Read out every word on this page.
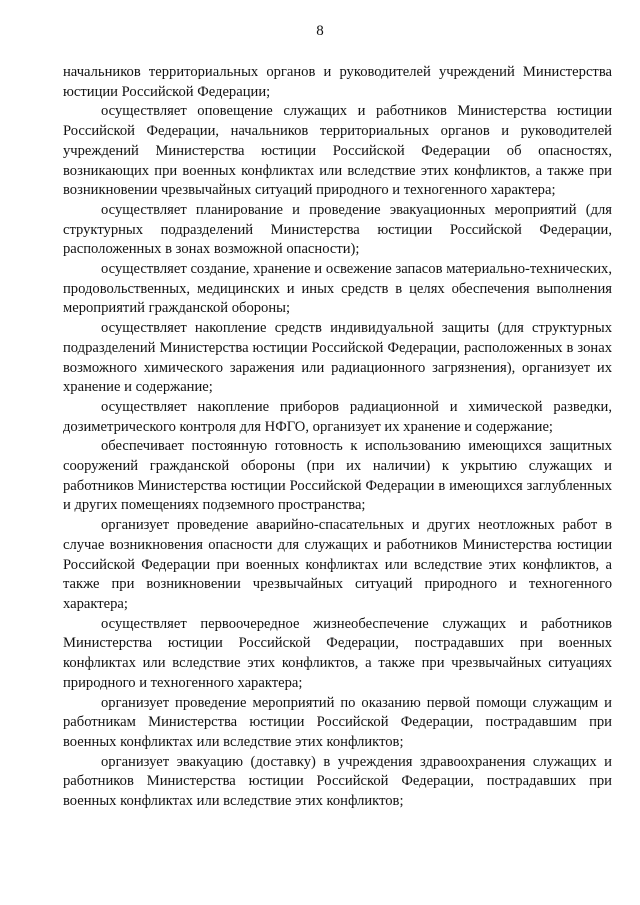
8

начальников территориальных органов и руководителей учреждений Министерства юстиции Российской Федерации;

осуществляет оповещение служащих и работников Министерства юстиции Российской Федерации, начальников территориальных органов и руководителей учреждений Министерства юстиции Российской Федерации об опасностях, возникающих при военных конфликтах или вследствие этих конфликтов, а также при возникновении чрезвычайных ситуаций природного и техногенного характера;

осуществляет планирование и проведение эвакуационных мероприятий (для структурных подразделений Министерства юстиции Российской Федерации, расположенных в зонах возможной опасности);

осуществляет создание, хранение и освежение запасов материально-технических, продовольственных, медицинских и иных средств в целях обеспечения выполнения мероприятий гражданской обороны;

осуществляет накопление средств индивидуальной защиты (для структурных подразделений Министерства юстиции Российской Федерации, расположенных в зонах возможного химического заражения или радиационного загрязнения), организует их хранение и содержание;

осуществляет накопление приборов радиационной и химической разведки, дозиметрического контроля для НФГО, организует их хранение и содержание;

обеспечивает постоянную готовность к использованию имеющихся защитных сооружений гражданской обороны (при их наличии) к укрытию служащих и работников Министерства юстиции Российской Федерации в имеющихся заглубленных и других помещениях подземного пространства;

организует проведение аварийно-спасательных и других неотложных работ в случае возникновения опасности для служащих и работников Министерства юстиции Российской Федерации при военных конфликтах или вследствие этих конфликтов, а также при возникновении чрезвычайных ситуаций природного и техногенного характера;

осуществляет первоочередное жизнеобеспечение служащих и работников Министерства юстиции Российской Федерации, пострадавших при военных конфликтах или вследствие этих конфликтов, а также при чрезвычайных ситуациях природного и техногенного характера;

организует проведение мероприятий по оказанию первой помощи служащим и работникам Министерства юстиции Российской Федерации, пострадавшим при военных конфликтах или вследствие этих конфликтов;

организует эвакуацию (доставку) в учреждения здравоохранения служащих и работников Министерства юстиции Российской Федерации, пострадавших при военных конфликтах или вследствие этих конфликтов;
